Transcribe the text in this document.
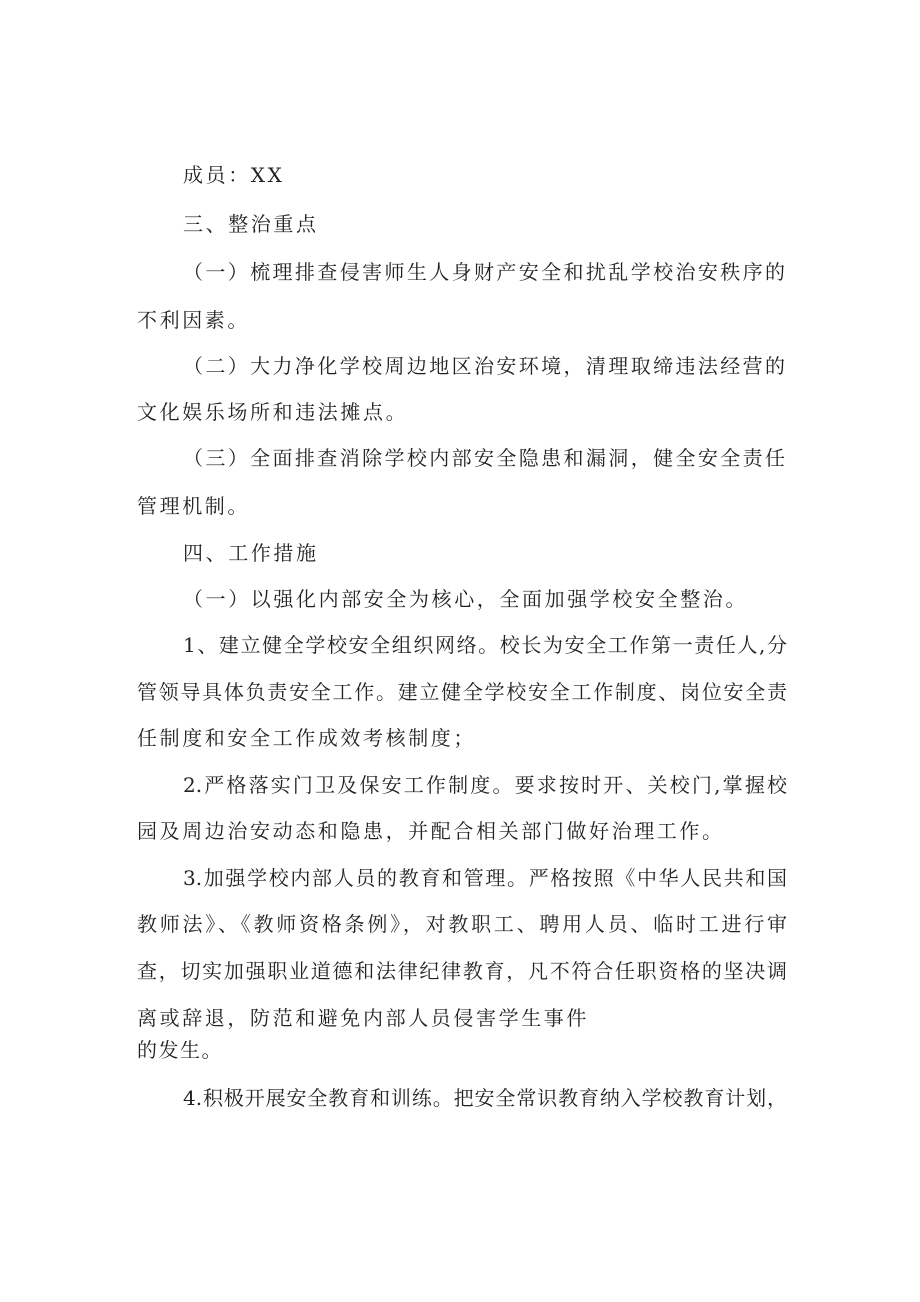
成员：XX
三、整治重点
（一）梳理排查侵害师生人身财产安全和扰乱学校治安秩序的
不利因素。
（二）大力净化学校周边地区治安环境，清理取缔违法经营的
文化娱乐场所和违法摊点。
（三）全面排查消除学校内部安全隐患和漏洞，健全安全责任
管理机制。
四、工作措施
（一）以强化内部安全为核心，全面加强学校安全整治。
1、建立健全学校安全组织网络。校长为安全工作第一责任人,分
管领导具体负责安全工作。建立健全学校安全工作制度、岗位安全责
任制度和安全工作成效考核制度；
2.严格落实门卫及保安工作制度。要求按时开、关校门,掌握校
园及周边治安动态和隐患，并配合相关部门做好治理工作。
3.加强学校内部人员的教育和管理。严格按照《中华人民共和国
教师法》、《教师资格条例》，对教职工、聘用人员、临时工进行审
查，切实加强职业道德和法律纪律教育，凡不符合任职资格的坚决调
离或辞退，防范和避免内部人员侵害学生事件
的发生。
4.积极开展安全教育和训练。把安全常识教育纳入学校教育计划，
